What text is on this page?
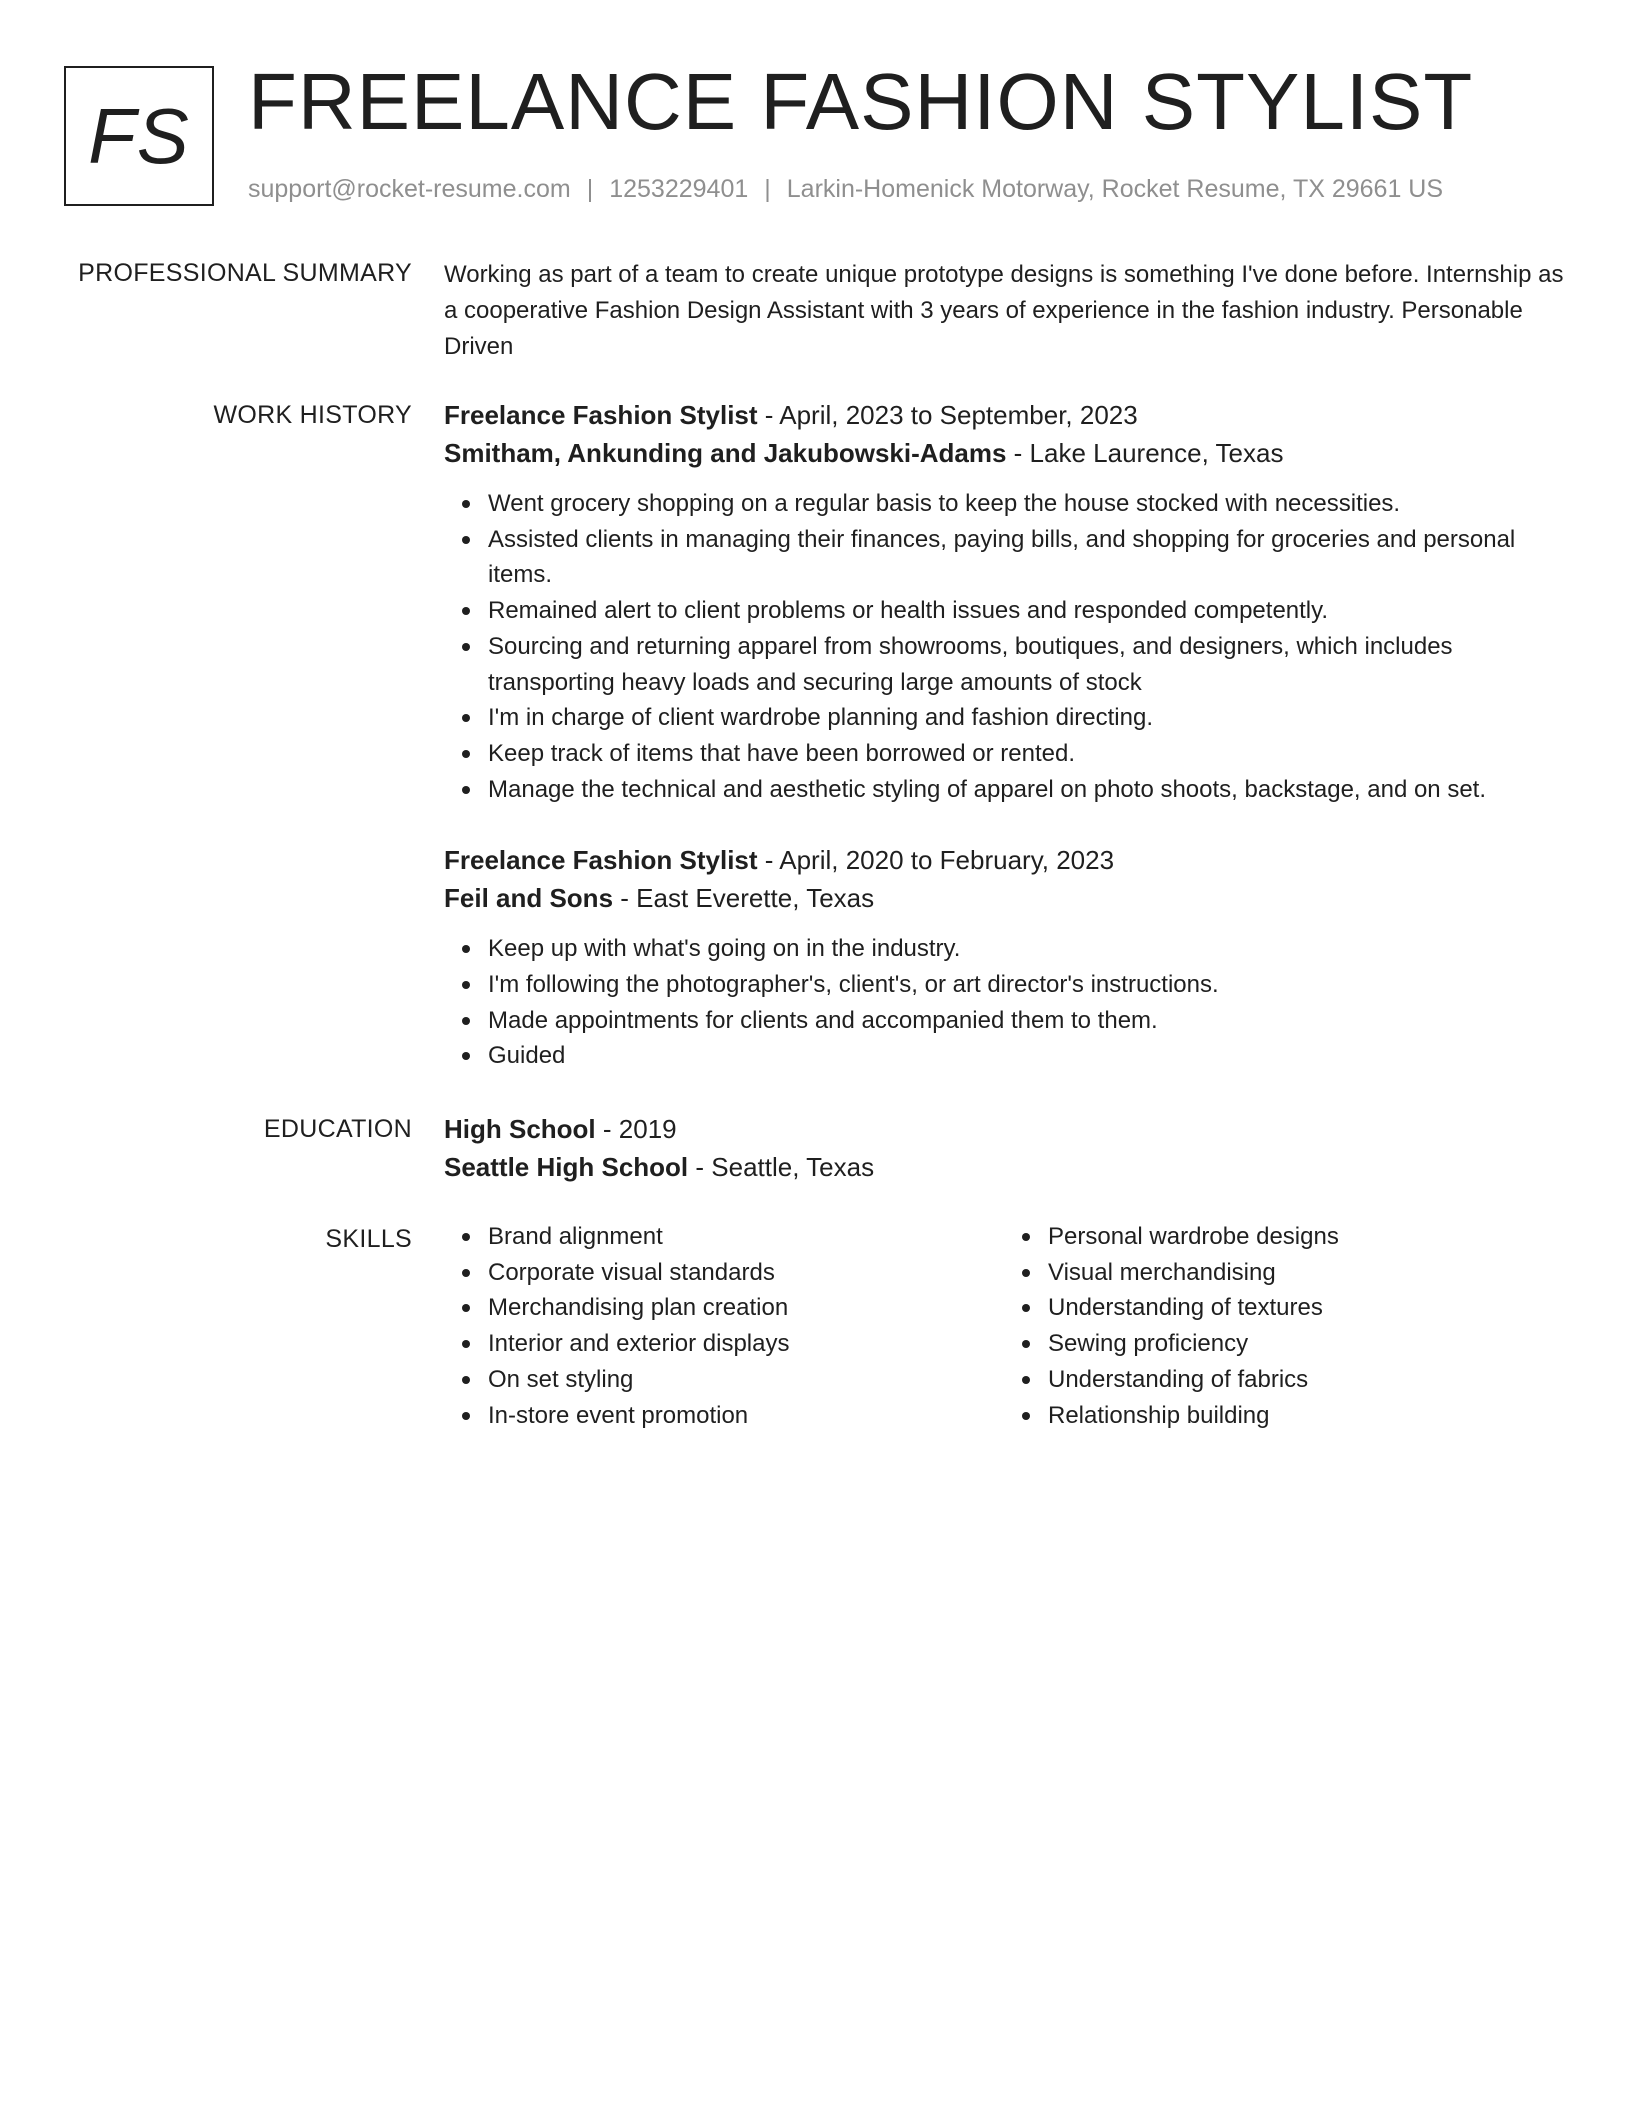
FS FREELANCE FASHION STYLIST
support@rocket-resume.com | 1253229401 | Larkin-Homenick Motorway, Rocket Resume, TX 29661 US
PROFESSIONAL SUMMARY Working as part of a team to create unique prototype designs is something I've done before. Internship as a cooperative Fashion Design Assistant with 3 years of experience in the fashion industry. Personable Driven

WORK HISTORY Freelance Fashion Stylist - April, 2023 to September, 2023

Smitham, Ankunding and Jakubowski-Adams - Lake Laurence, Texas

Went grocery shopping on a regular basis to keep the house stocked with necessities.
Assisted clients in managing their finances, paying bills, and shopping for groceries and personal items.
Remained alert to client problems or health issues and responded competently.
Sourcing and returning apparel from showrooms, boutiques, and designers, which includes transporting heavy loads and securing large amounts of stock
I'm in charge of client wardrobe planning and fashion directing.
Keep track of items that have been borrowed or rented.
Manage the technical and aesthetic styling of apparel on photo shoots, backstage, and on set.

Freelance Fashion Stylist - April, 2020 to February, 2023

Feil and Sons - East Everette, Texas

Keep up with what's going on in the industry.
I'm following the photographer's, client's, or art director's instructions.
Made appointments for clients and accompanied them to them.
Guided
EDUCATION High School - 2019

Seattle High School - Seattle, Texas

SKILLS	Brand alignment
Corporate visual standards
Merchandising plan creation
Interior and exterior displays
On set styling
In-store event promotion
Personal wardrobe designs
Visual merchandising
Understanding of textures
Sewing proficiency
Understanding of fabrics
Relationship building
